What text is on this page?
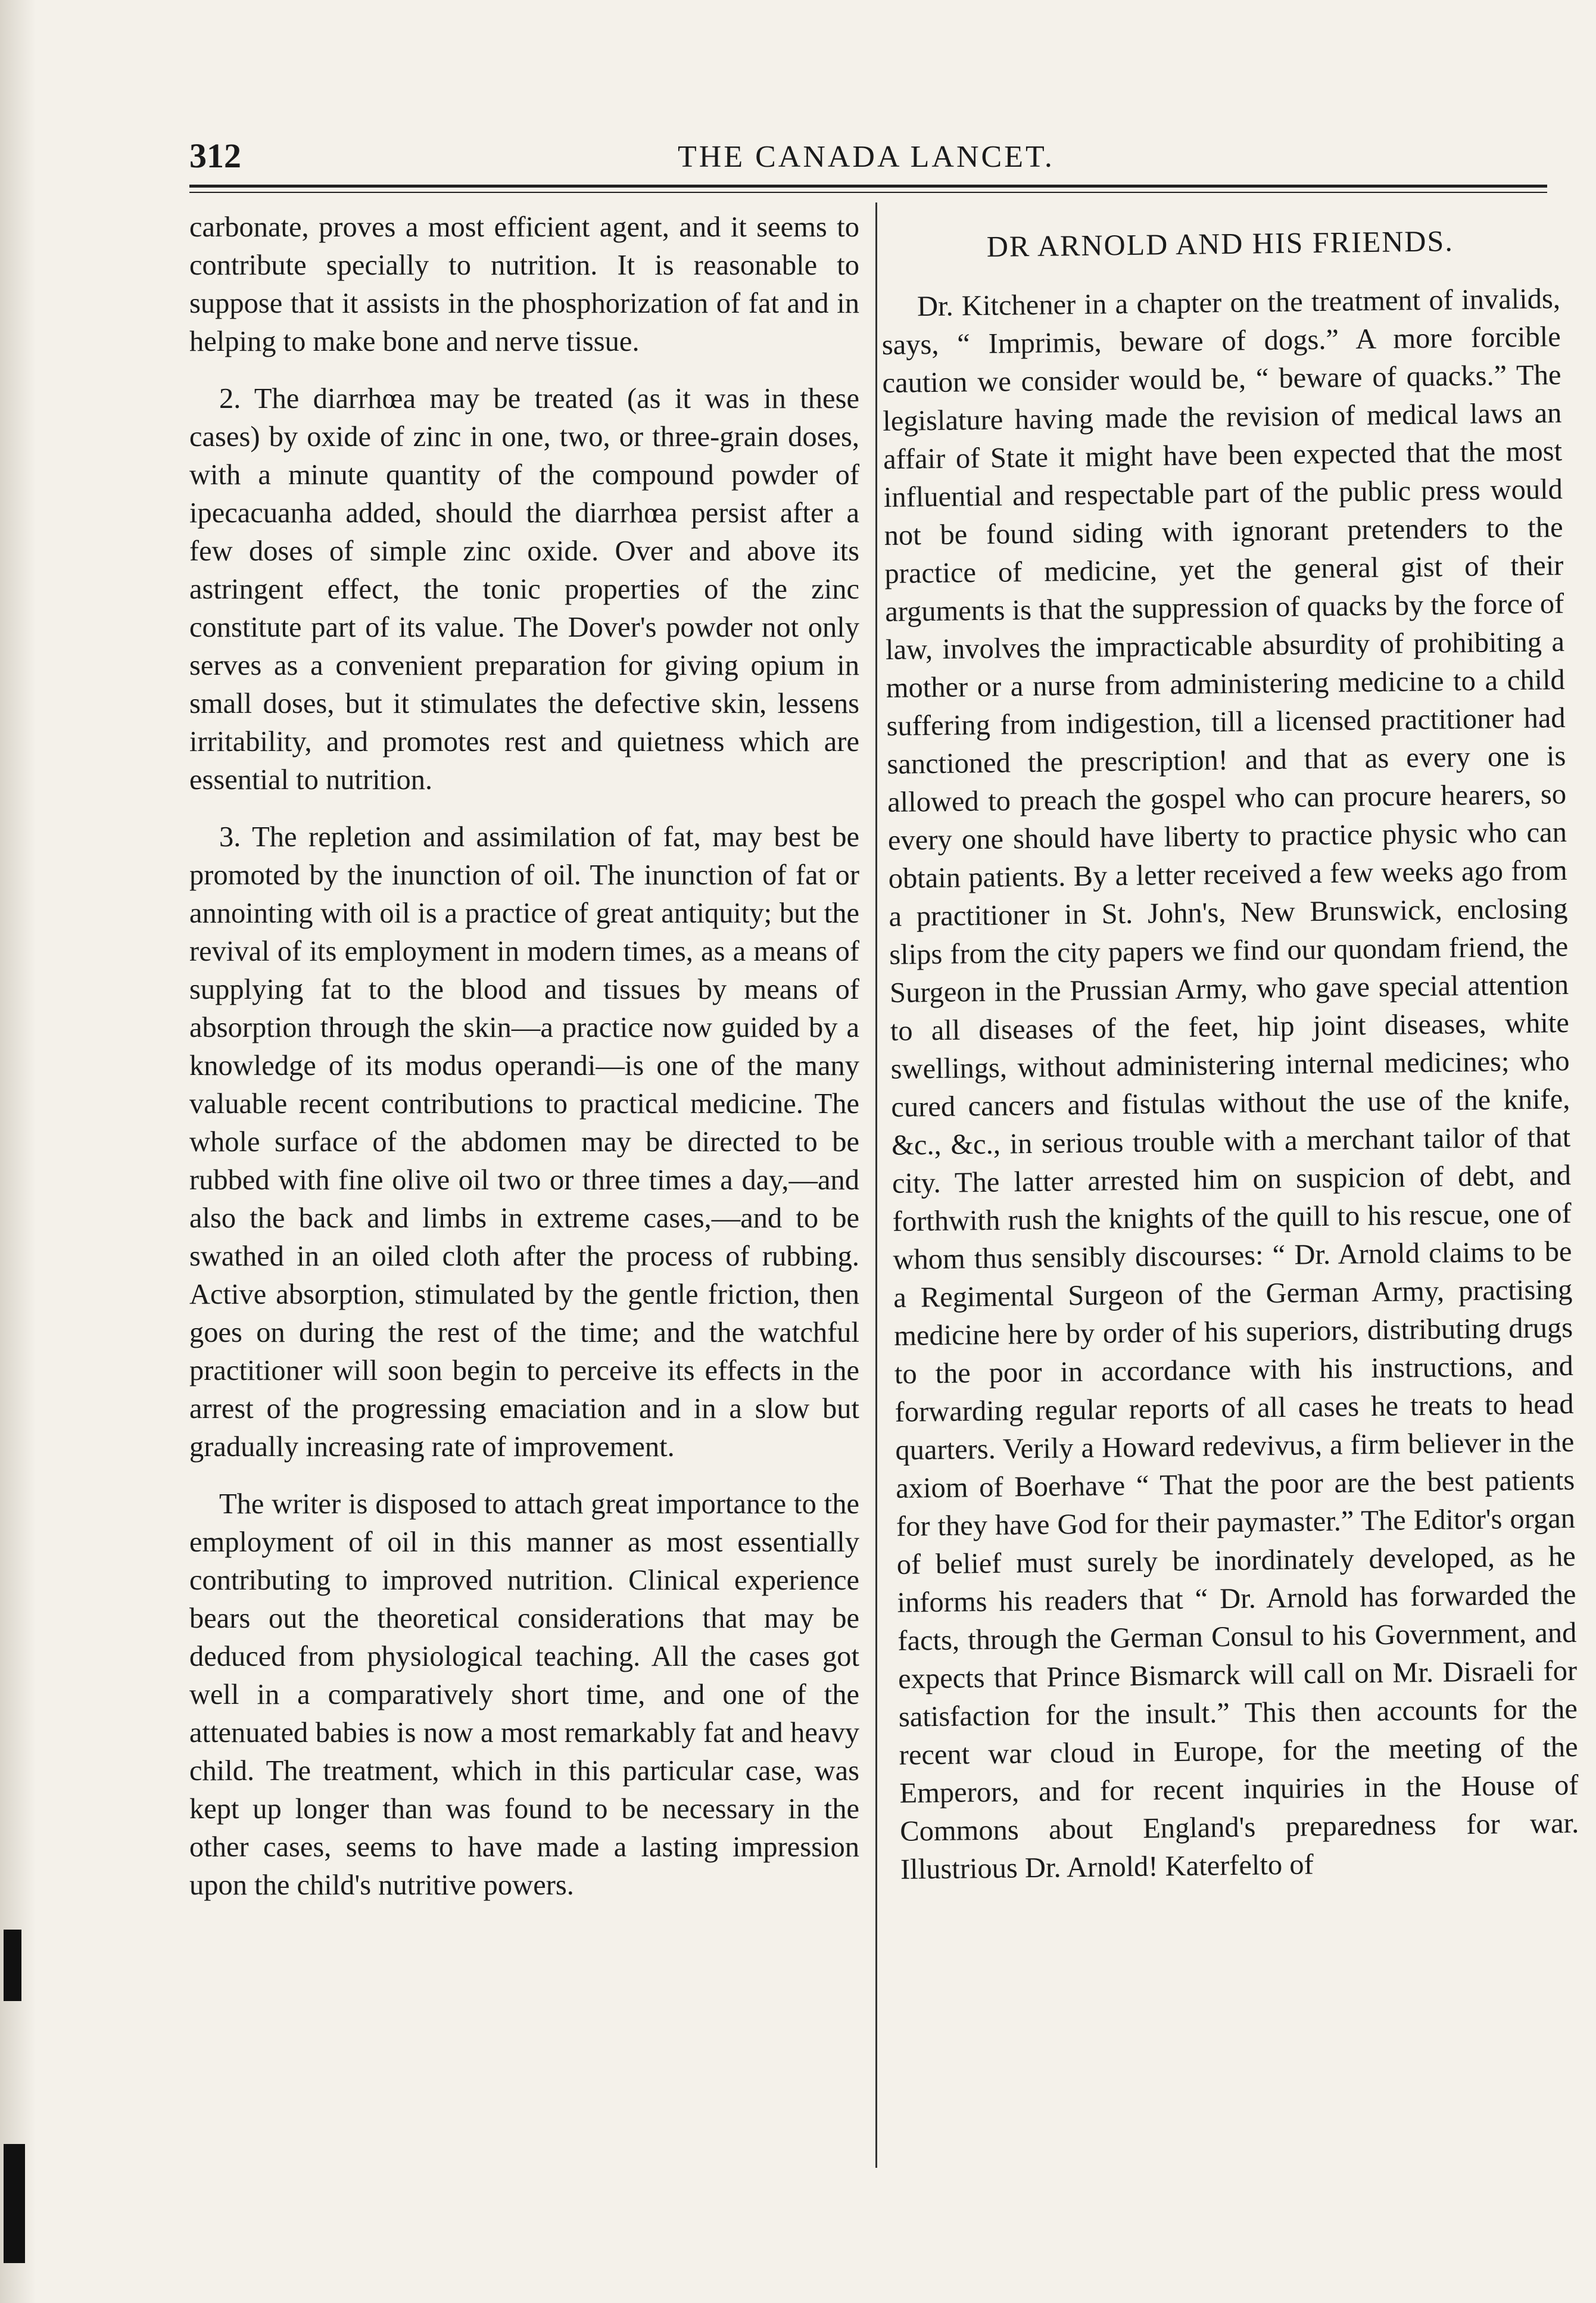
312	THE CANADA LANCET.

carbonate, proves a most efficient agent, and it seems to contribute specially to nutrition. It is reasonable to suppose that it assists in the phosphorization of fat and in helping to make bone and nerve tissue.

2. The diarrhœa may be treated (as it was in these cases) by oxide of zinc in one, two, or three-grain doses, with a minute quantity of the compound powder of ipecacuanha added, should the diarrhœa persist after a few doses of simple zinc oxide. Over and above its astringent effect, the tonic properties of the zinc constitute part of its value. The Dover's powder not only serves as a convenient preparation for giving opium in small doses, but it stimulates the defective skin, lessens irritability, and promotes rest and quietness which are essential to nutrition.

3. The repletion and assimilation of fat, may best be promoted by the inunction of oil. The inunction of fat or annointing with oil is a practice of great antiquity; but the revival of its employment in modern times, as a means of supplying fat to the blood and tissues by means of absorption through the skin—a practice now guided by a knowledge of its modus operandi—is one of the many valuable recent contributions to practical medicine. The whole surface of the abdomen may be directed to be rubbed with fine olive oil two or three times a day,—and also the back and limbs in extreme cases,—and to be swathed in an oiled cloth after the process of rubbing. Active absorption, stimulated by the gentle friction, then goes on during the rest of the time; and the watchful practitioner will soon begin to perceive its effects in the arrest of the progressing emaciation and in a slow but gradually increasing rate of improvement.

The writer is disposed to attach great importance to the employment of oil in this manner as most essentially contributing to improved nutrition. Clinical experience bears out the theoretical considerations that may be deduced from physiological teaching. All the cases got well in a comparatively short time, and one of the attenuated babies is now a most remarkably fat and heavy child. The treatment, which in this particular case, was kept up longer than was found to be necessary in the other cases, seems to have made a lasting impression upon the child's nutritive powers.

DR ARNOLD AND HIS FRIENDS.

Dr. Kitchener in a chapter on the treatment of invalids, says, “ Imprimis, beware of dogs.” A more forcible caution we consider would be, “ beware of quacks.” The legislature having made the revision of medical laws an affair of State it might have been expected that the most influential and respectable part of the public press would not be found siding with ignorant pretenders to the practice of medicine, yet the general gist of their arguments is that the suppression of quacks by the force of law, involves the impracticable absurdity of prohibiting a mother or a nurse from administering medicine to a child suffering from indigestion, till a licensed practitioner had sanctioned the prescription! and that as every one is allowed to preach the gospel who can procure hearers, so every one should have liberty to practice physic who can obtain patients. By a letter received a few weeks ago from a practitioner in St. John's, New Brunswick, enclosing slips from the city papers we find our quondam friend, the Surgeon in the Prussian Army, who gave special attention to all diseases of the feet, hip joint diseases, white swellings, without administering internal medicines; who cured cancers and fistulas without the use of the knife, &c., &c., in serious trouble with a merchant tailor of that city. The latter arrested him on suspicion of debt, and forthwith rush the knights of the quill to his rescue, one of whom thus sensibly discourses: “ Dr. Arnold claims to be a Regimental Surgeon of the German Army, practising medicine here by order of his superiors, distributing drugs to the poor in accordance with his instructions, and forwarding regular reports of all cases he treats to head quarters. Verily a Howard redevivus, a firm believer in the axiom of Boerhave “ That the poor are the best patients for they have God for their paymaster.” The Editor's organ of belief must surely be inordinately developed, as he informs his readers that “ Dr. Arnold has forwarded the facts, through the German Consul to his Government, and expects that Prince Bismarck will call on Mr. Disraeli for satisfaction for the insult.” This then accounts for the recent war cloud in Europe, for the meeting of the Emperors, and for recent inquiries in the House of Commons about England's preparedness for war. Illustrious Dr. Arnold! Katerfelto of
